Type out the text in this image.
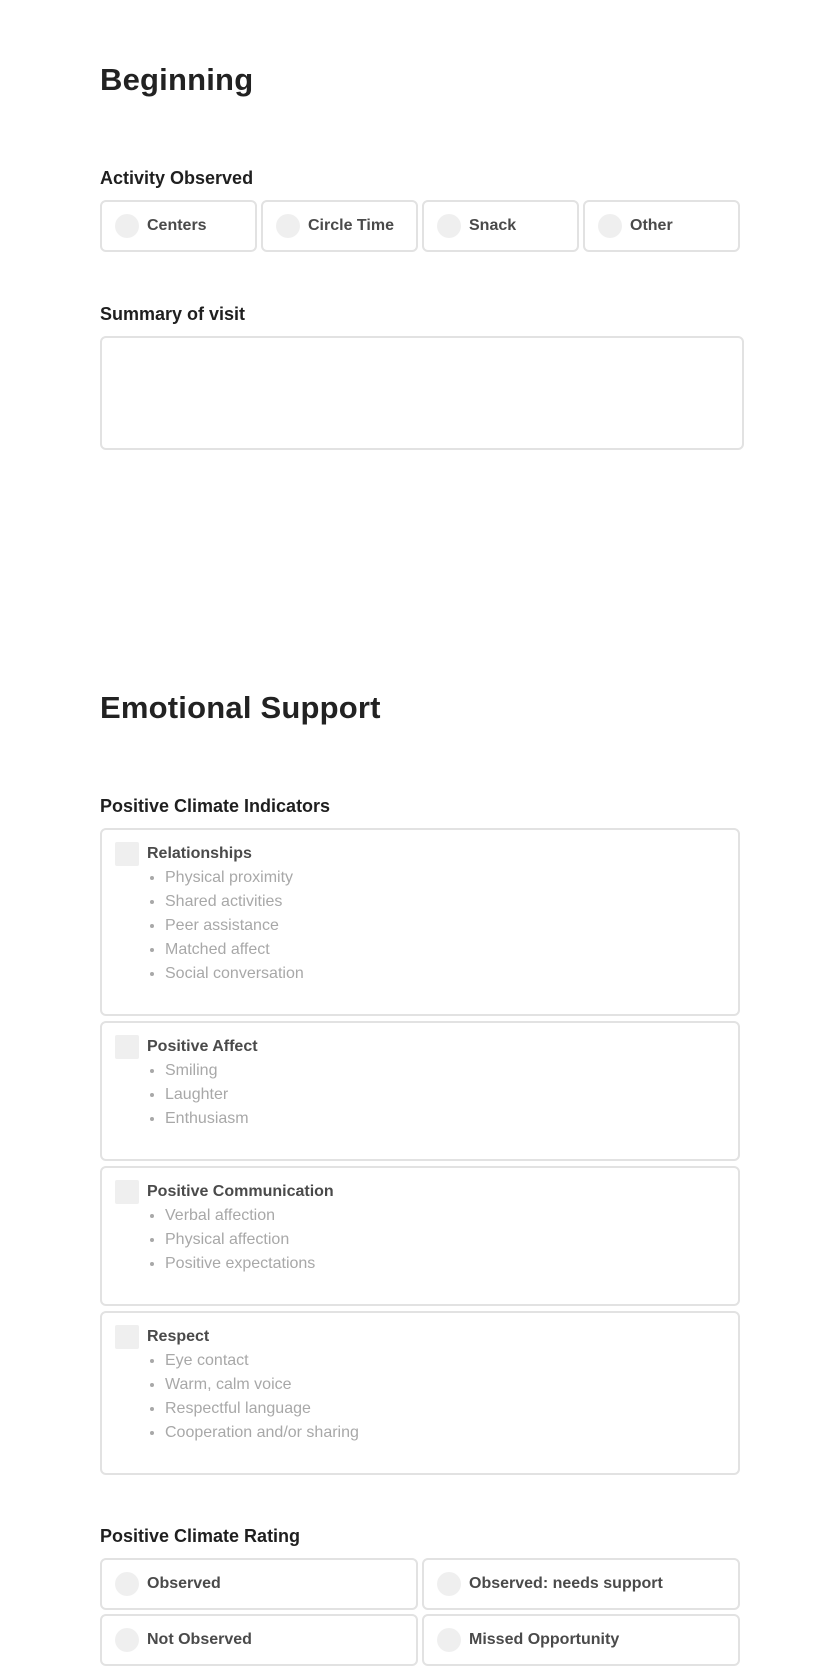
Beginning
Activity Observed
Centers	Circle Time	Snack	Other
Summary of visit
Emotional Support
Positive Climate Indicators
Relationships
• Physical proximity
• Shared activities
• Peer assistance
• Matched affect
• Social conversation
Positive Affect
• Smiling
• Laughter
• Enthusiasm
Positive Communication
• Verbal affection
• Physical affection
• Positive expectations
Respect
• Eye contact
• Warm, calm voice
• Respectful language
• Cooperation and/or sharing
Positive Climate Rating
Observed	Observed: needs support
Not Observed	Missed Opportunity
